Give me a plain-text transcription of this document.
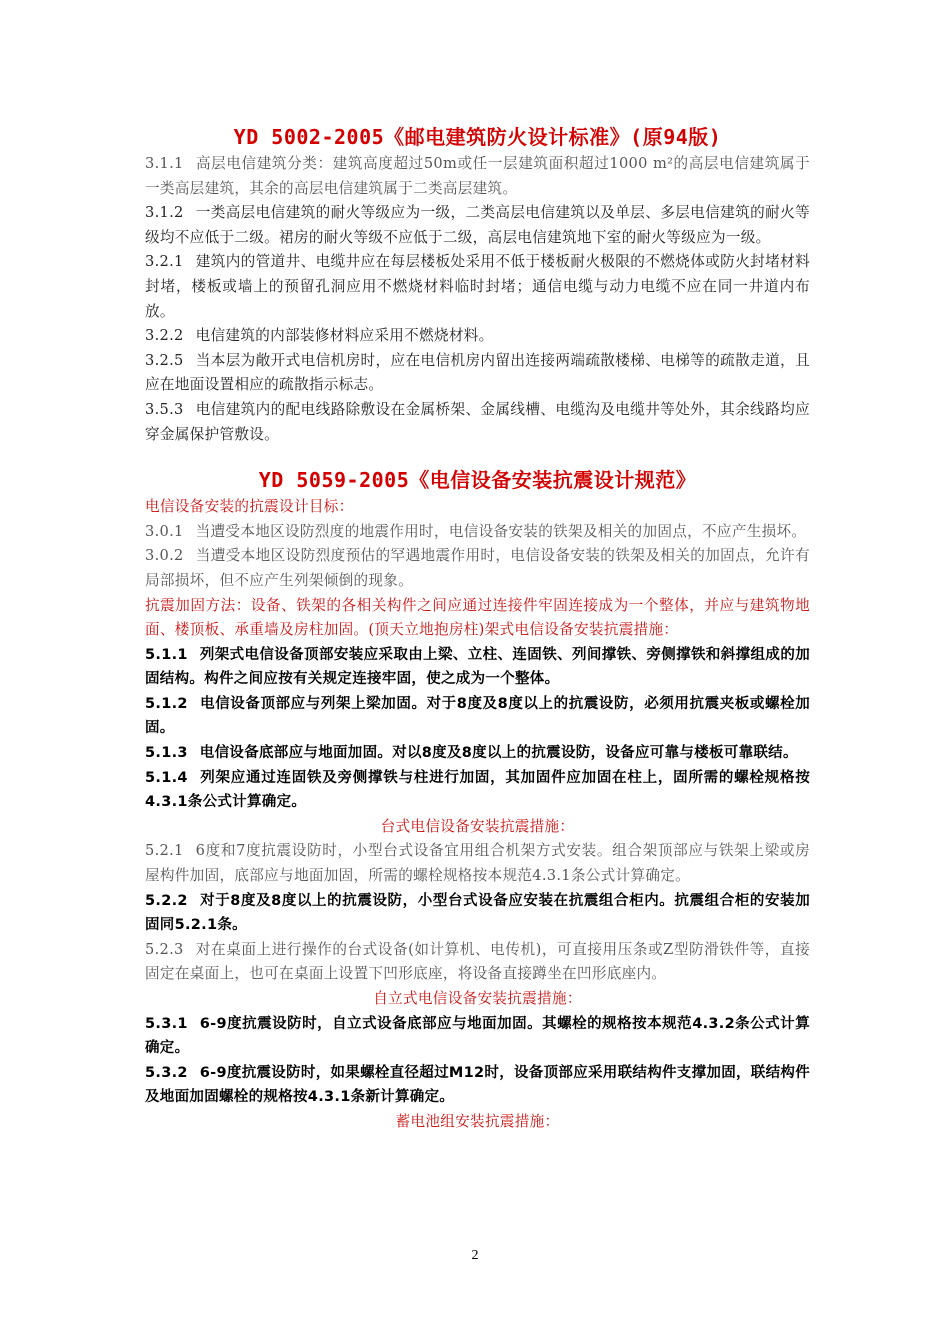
YD 5002-2005《邮电建筑防火设计标准》(原94版)

3.1.1 高层电信建筑分类：建筑高度超过50m或任一层建筑面积超过1000 m²的高层电信建筑属于一类高层建筑，其余的高层电信建筑属于二类高层建筑。

3.1.2 一类高层电信建筑的耐火等级应为一级，二类高层电信建筑以及单层、多层电信建筑的耐火等级均不应低于二级。裙房的耐火等级不应低于二级，高层电信建筑地下室的耐火等级应为一级。

3.2.1 建筑内的管道井、电缆井应在每层楼板处采用不低于楼板耐火极限的不燃烧体或防火封堵材料封堵，楼板或墙上的预留孔洞应用不燃烧材料临时封堵；通信电缆与动力电缆不应在同一井道内布放。

3.2.2 电信建筑的内部装修材料应采用不燃烧材料。

3.2.5 当本层为敞开式电信机房时，应在电信机房内留出连接两端疏散楼梯、电梯等的疏散走道，且应在地面设置相应的疏散指示标志。

3.5.3 电信建筑内的配电线路除敷设在金属桥架、金属线槽、电缆沟及电缆井等处外，其余线路均应穿金属保护管敷设。

YD 5059-2005《电信设备安装抗震设计规范》

电信设备安装的抗震设计目标：

3.0.1 当遭受本地区设防烈度的地震作用时，电信设备安装的铁架及相关的加固点，不应产生损坏。

3.0.2 当遭受本地区设防烈度预估的罕遇地震作用时，电信设备安装的铁架及相关的加固点，允许有局部损坏，但不应产生列架倾倒的现象。

抗震加固方法：设备、铁架的各相关构件之间应通过连接件牢固连接成为一个整体，并应与建筑物地面、楼顶板、承重墙及房柱加固。(顶天立地抱房柱)架式电信设备安装抗震措施：

5.1.1 列架式电信设备顶部安装应采取由上梁、立柱、连固铁、列间撑铁、旁侧撑铁和斜撑组成的加固结构。构件之间应按有关规定连接牢固，使之成为一个整体。

5.1.2 电信设备顶部应与列架上梁加固。对于8度及8度以上的抗震设防，必须用抗震夹板或螺栓加固。

5.1.3 电信设备底部应与地面加固。对以8度及8度以上的抗震设防，设备应可靠与楼板可靠联结。

5.1.4 列架应通过连固铁及旁侧撑铁与柱进行加固，其加固件应加固在柱上，固所需的螺栓规格按4.3.1条公式计算确定。

台式电信设备安装抗震措施：

5.2.1 6度和7度抗震设防时，小型台式设备宜用组合机架方式安装。组合架顶部应与铁架上梁或房屋构件加固，底部应与地面加固，所需的螺栓规格按本规范4.3.1条公式计算确定。

5.2.2 对于8度及8度以上的抗震设防，小型台式设备应安装在抗震组合柜内。抗震组合柜的安装加固同5.2.1条。

5.2.3 对在桌面上进行操作的台式设备(如计算机、电传机)，可直接用压条或Z型防滑铁件等，直接固定在桌面上，也可在桌面上设置下凹形底座，将设备直接蹲坐在凹形底座内。

自立式电信设备安装抗震措施：

5.3.1 6-9度抗震设防时，自立式设备底部应与地面加固。其螺栓的规格按本规范4.3.2条公式计算确定。

5.3.2 6-9度抗震设防时，如果螺栓直径超过M12时，设备顶部应采用联结构件支撑加固，联结构件及地面加固螺栓的规格按4.3.1条新计算确定。

蓄电池组安装抗震措施：

2
